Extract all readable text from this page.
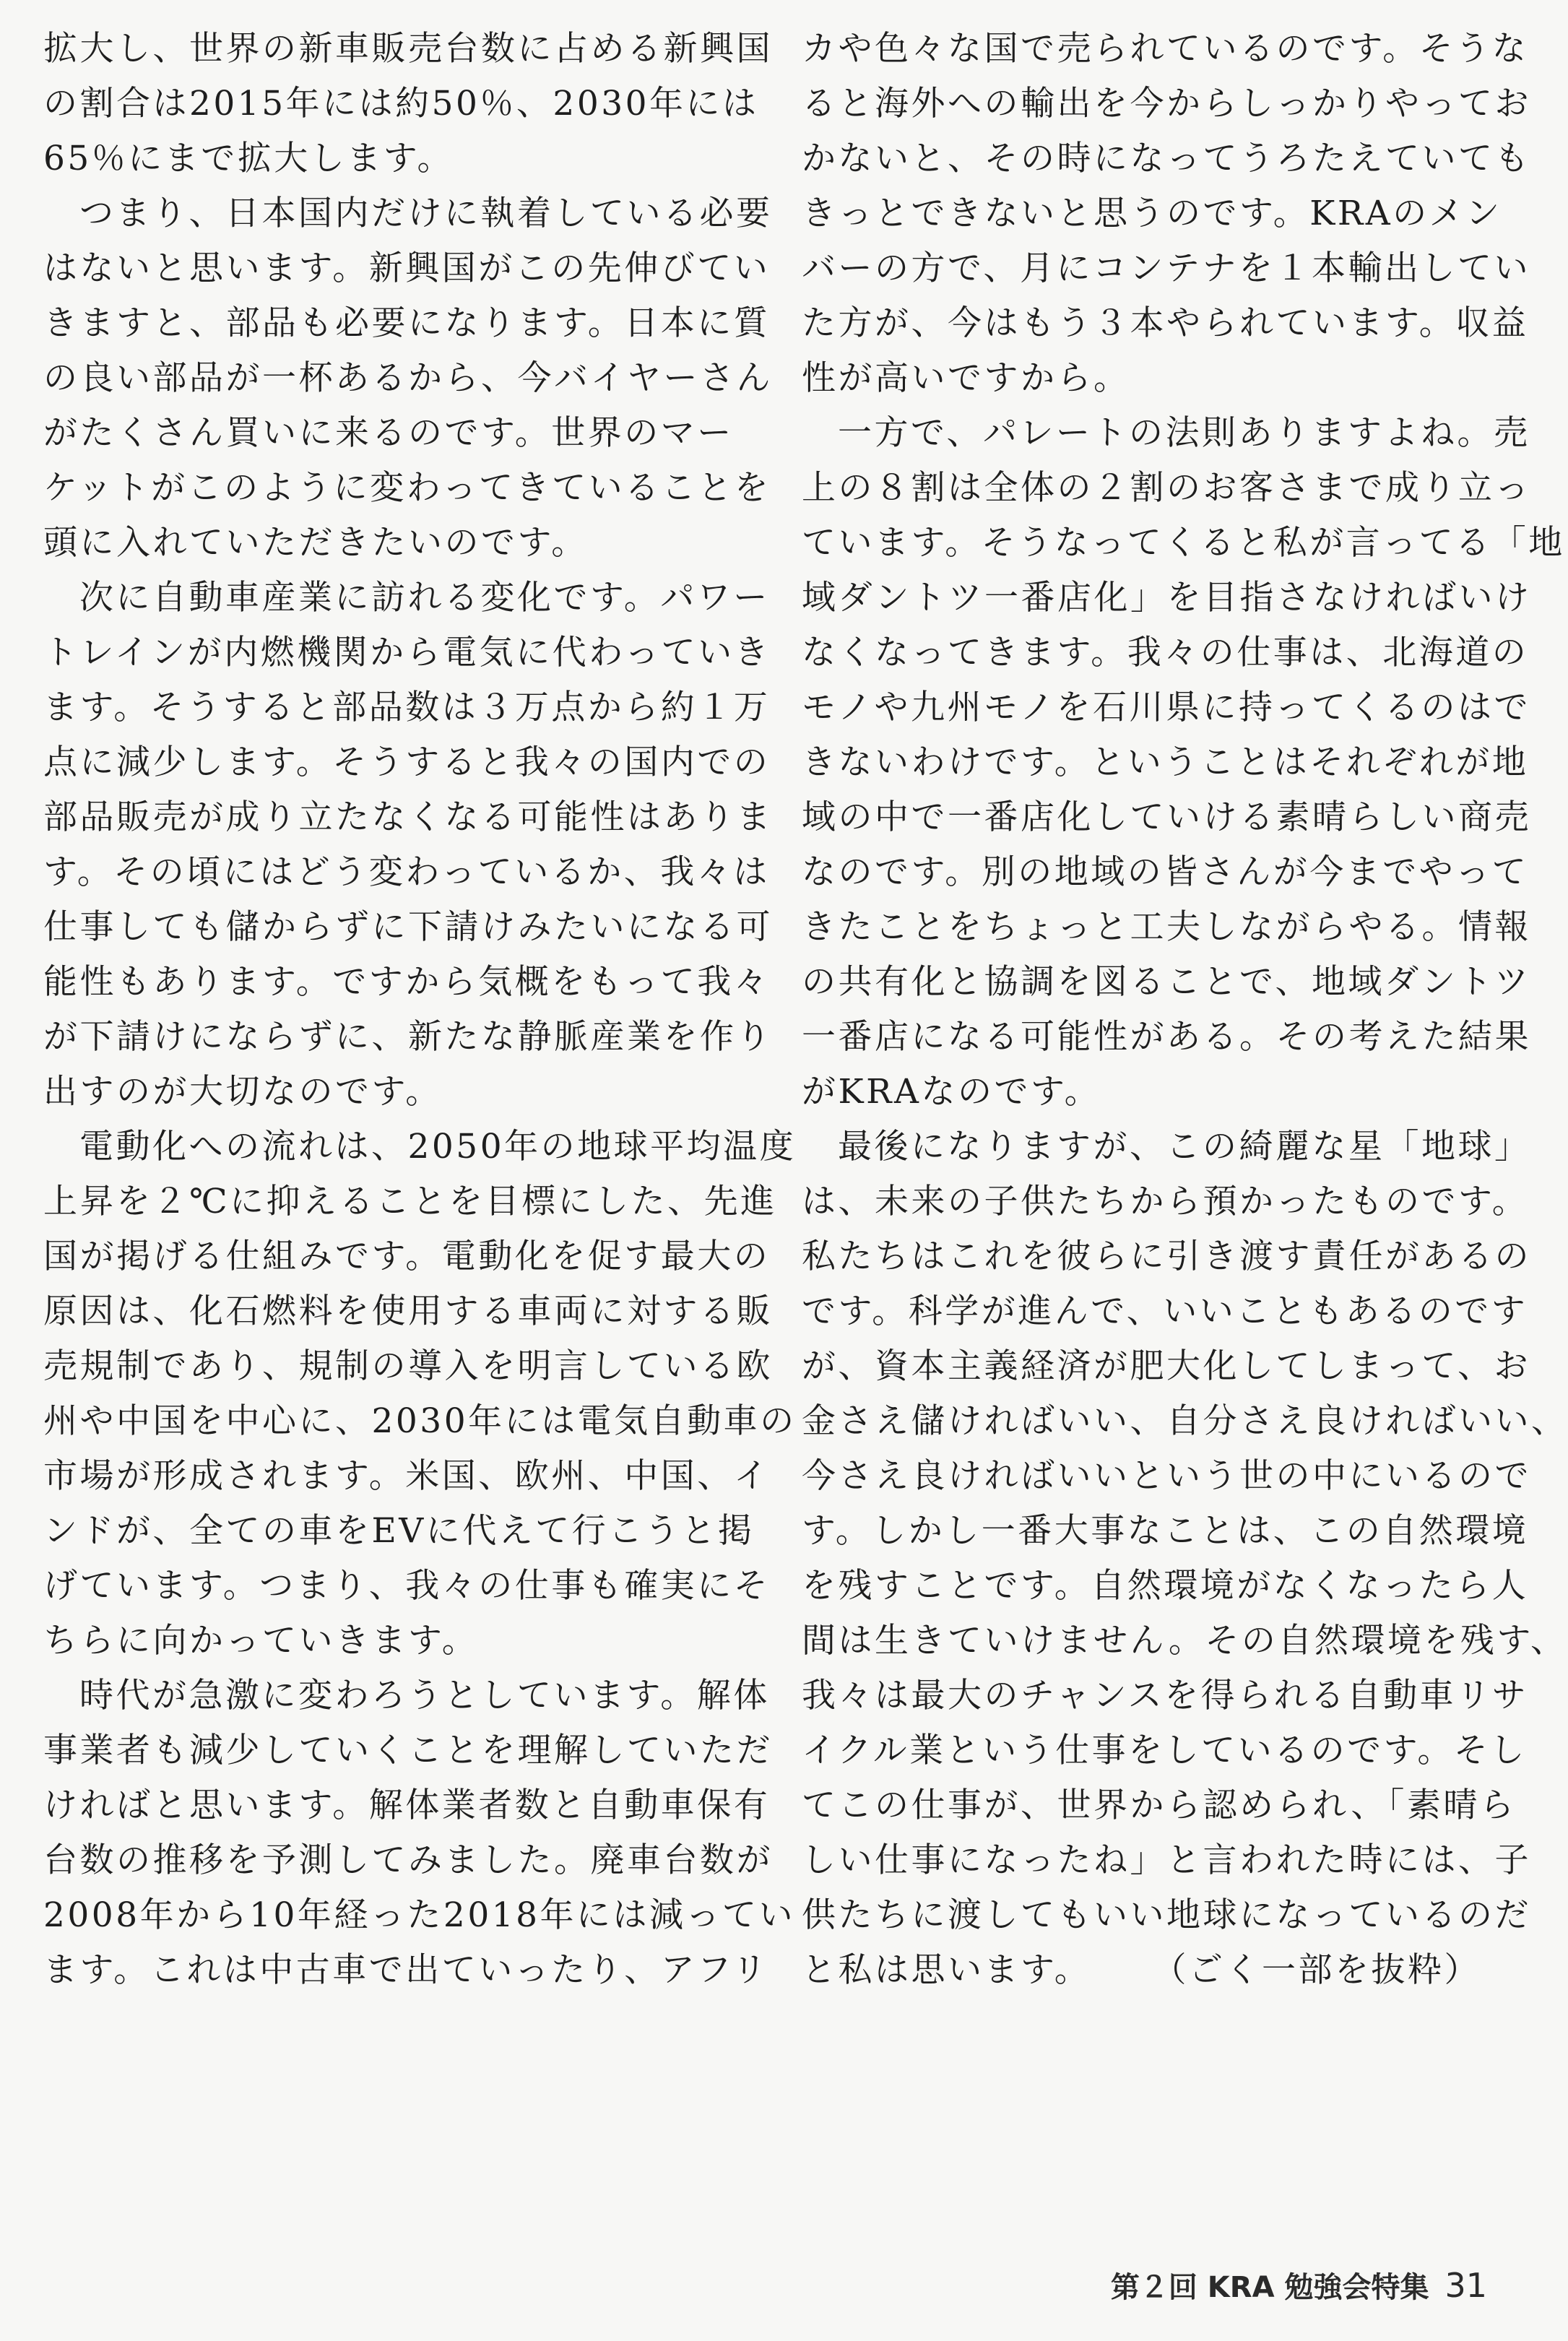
拡大し、世界の新車販売台数に占める新興国
の割合は2015年には約50％、2030年には
65％にまで拡大します。
つまり、日本国内だけに執着している必要
はないと思います。新興国がこの先伸びてい
きますと、部品も必要になります。日本に質
の良い部品が一杯あるから、今バイヤーさん
がたくさん買いに来るのです。世界のマー
ケットがこのように変わってきていることを
頭に入れていただきたいのです。
次に自動車産業に訪れる変化です。パワー
トレインが内燃機関から電気に代わっていき
ます。そうすると部品数は３万点から約１万
点に減少します。そうすると我々の国内での
部品販売が成り立たなくなる可能性はありま
す。その頃にはどう変わっているか、我々は
仕事しても儲からずに下請けみたいになる可
能性もあります。ですから気概をもって我々
が下請けにならずに、新たな静脈産業を作り
出すのが大切なのです。
電動化への流れは、2050年の地球平均温度
上昇を２℃に抑えることを目標にした、先進
国が掲げる仕組みです。電動化を促す最大の
原因は、化石燃料を使用する車両に対する販
売規制であり、規制の導入を明言している欧
州や中国を中心に、2030年には電気自動車の
市場が形成されます。米国、欧州、中国、イ
ンドが、全ての車をEVに代えて行こうと掲
げています。つまり、我々の仕事も確実にそ
ちらに向かっていきます。
時代が急激に変わろうとしています。解体
事業者も減少していくことを理解していただ
ければと思います。解体業者数と自動車保有
台数の推移を予測してみました。廃車台数が
2008年から10年経った2018年には減ってい
ます。これは中古車で出ていったり、アフリ
カや色々な国で売られているのです。そうな
ると海外への輸出を今からしっかりやってお
かないと、その時になってうろたえていても
きっとできないと思うのです。KRAのメン
バーの方で、月にコンテナを１本輸出してい
た方が、今はもう３本やられています。収益
性が高いですから。
一方で、パレートの法則ありますよね。売
上の８割は全体の２割のお客さまで成り立っ
ています。そうなってくると私が言ってる「地
域ダントツ一番店化」を目指さなければいけ
なくなってきます。我々の仕事は、北海道の
モノや九州モノを石川県に持ってくるのはで
きないわけです。ということはそれぞれが地
域の中で一番店化していける素晴らしい商売
なのです。別の地域の皆さんが今までやって
きたことをちょっと工夫しながらやる。情報
の共有化と協調を図ることで、地域ダントツ
一番店になる可能性がある。その考えた結果
がKRAなのです。
最後になりますが、この綺麗な星「地球」
は、未来の子供たちから預かったものです。
私たちはこれを彼らに引き渡す責任があるの
です。科学が進んで、いいこともあるのです
が、資本主義経済が肥大化してしまって、お
金さえ儲ければいい、自分さえ良ければいい、
今さえ良ければいいという世の中にいるので
す。しかし一番大事なことは、この自然環境
を残すことです。自然環境がなくなったら人
間は生きていけません。その自然環境を残す、
我々は最大のチャンスを得られる自動車リサ
イクル業という仕事をしているのです。そし
てこの仕事が、世界から認められ、「素晴ら
しい仕事になったね」と言われた時には、子
供たちに渡してもいい地球になっているのだ
と私は思います。 （ごく一部を抜粋）
第２回 KRA 勉強会特集 31
